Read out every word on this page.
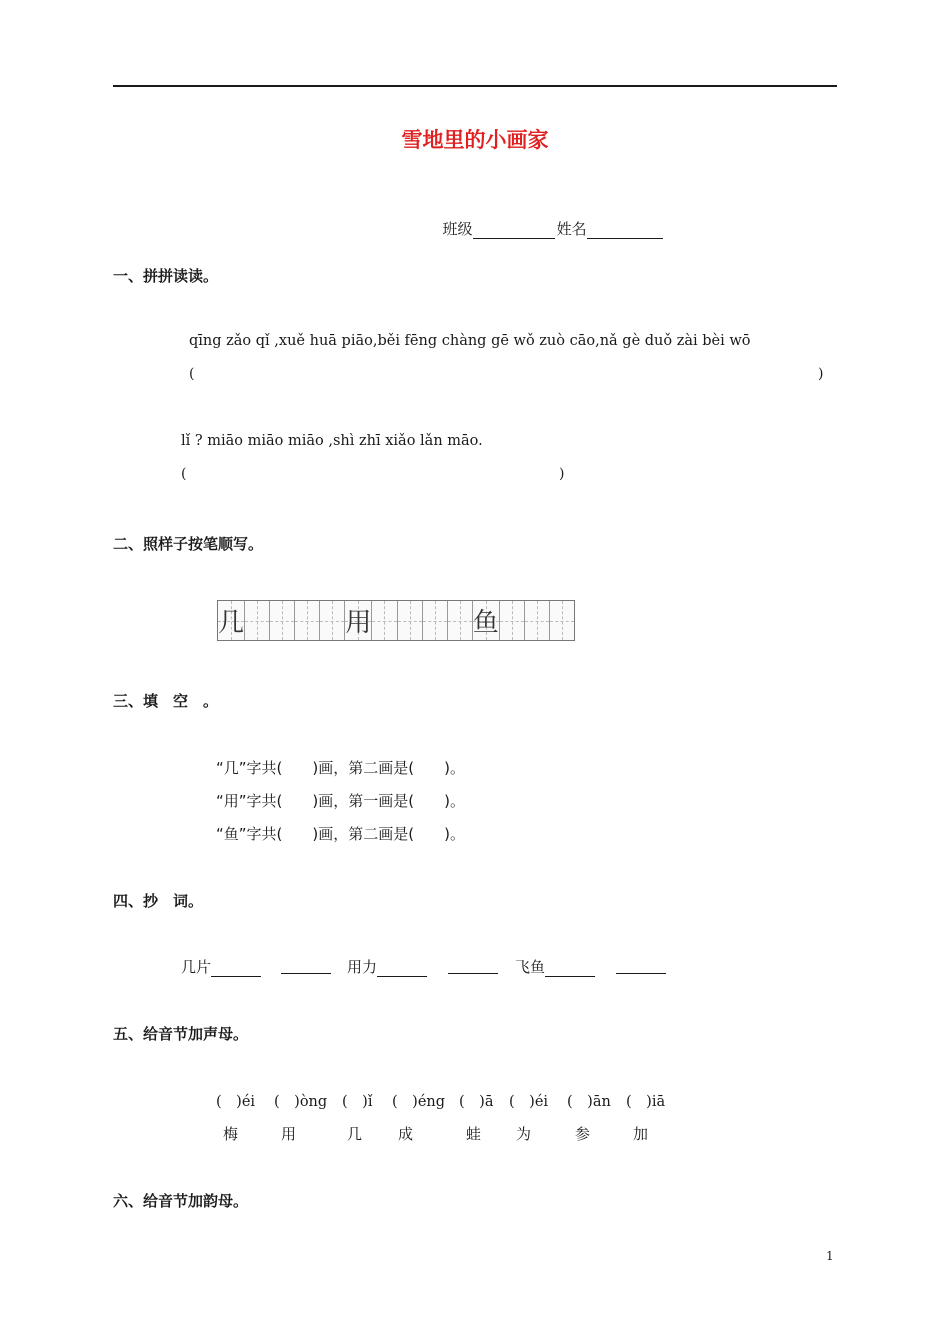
雪地里的小画家

班级	姓名

一、拼拼读读。
qīng zǎo qǐ ,xuě huā piāo,běi fēng chàng gē wǒ zuò cāo,nǎ gè duǒ zài bèi wō
(	)
lǐ ? miāo miāo miāo ,shì zhī xiǎo lǎn māo.
(	)
二、照样子按笔顺写。
几	用	鱼
三、填　空　。
“几”字共(　　)画，第二画是(　　)。
“用”字共(　　)画，第一画是(　　)。
“鱼”字共(　　)画，第二画是(　　)。
四、抄　词。
几片	用力	飞鱼
五、给音节加声母。
(　)éi (　)òng (　)ǐ (　)éng (　)ā (　)éi (　)ān (　)iā
梅	用	几 成	蛙 为	参	加
六、给音节加韵母。
1
